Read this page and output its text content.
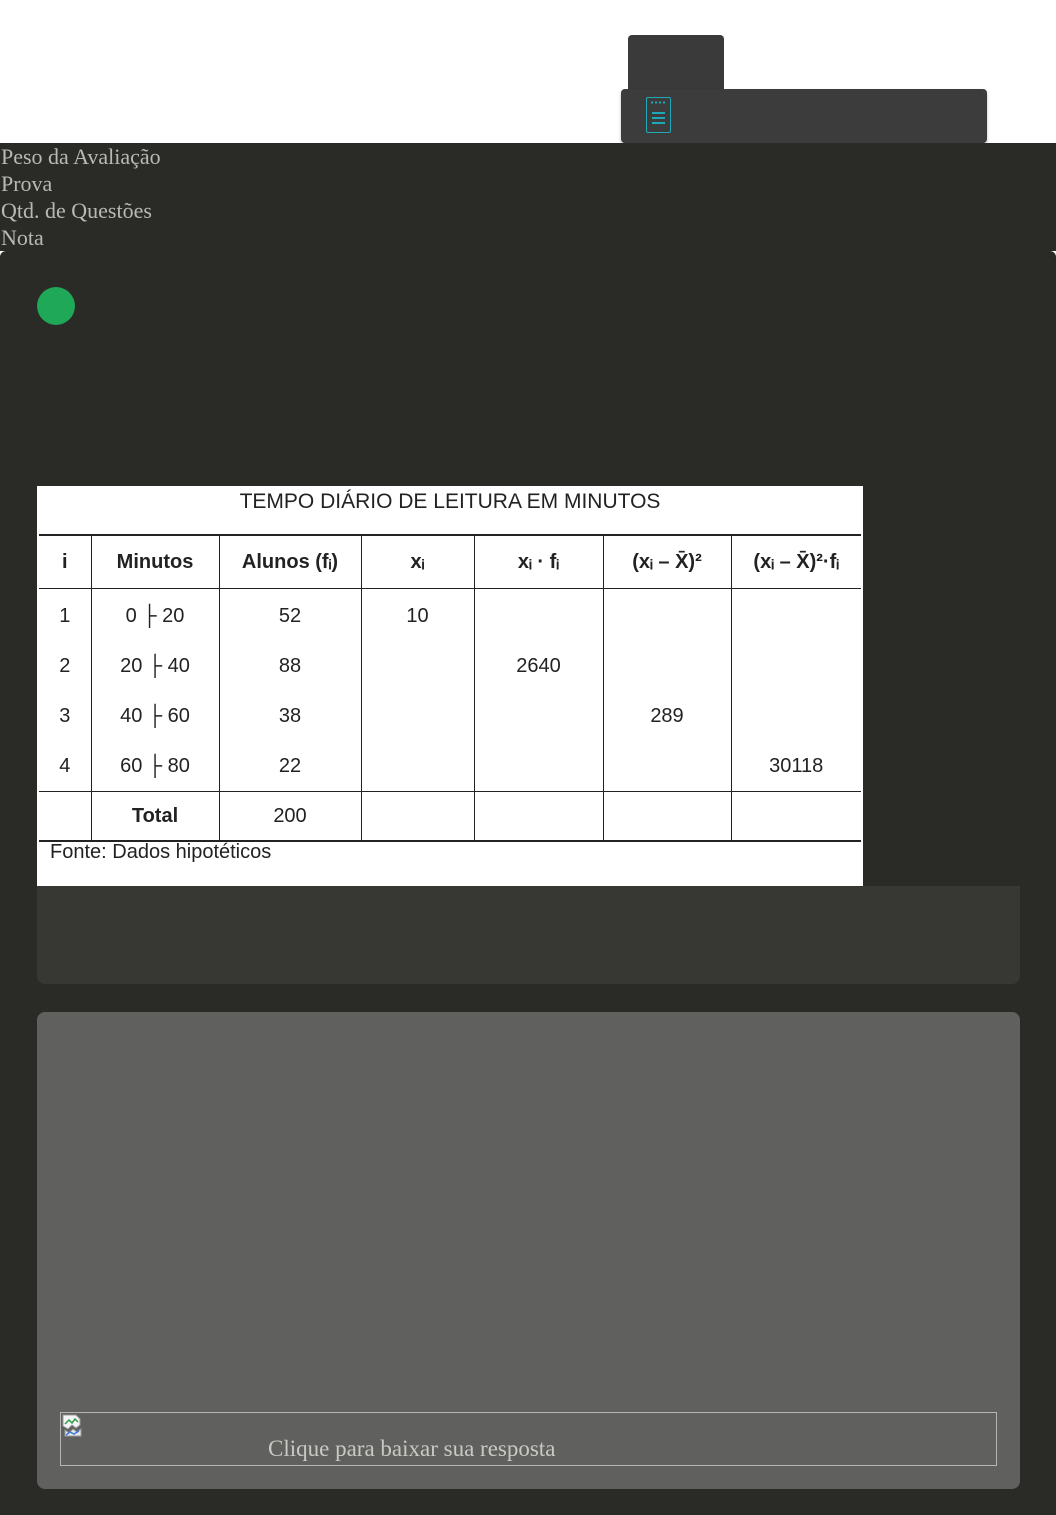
Peso da Avaliação
Prova
Qtd. de Questões
Nota
TEMPO DIÁRIO DE LEITURA EM MINUTOS
i	Minutos	Alunos (fᵢ)	xᵢ	xᵢ · fᵢ	(xᵢ – X̄)²	(xᵢ – X̄)²·fᵢ
1	0 ├ 20	52	10			
2	20 ├ 40	88		2640		
3	40 ├ 60	38			289	
4	60 ├ 80	22				30118
	Total	200				
Fonte: Dados hipotéticos
Clique para baixar sua resposta
